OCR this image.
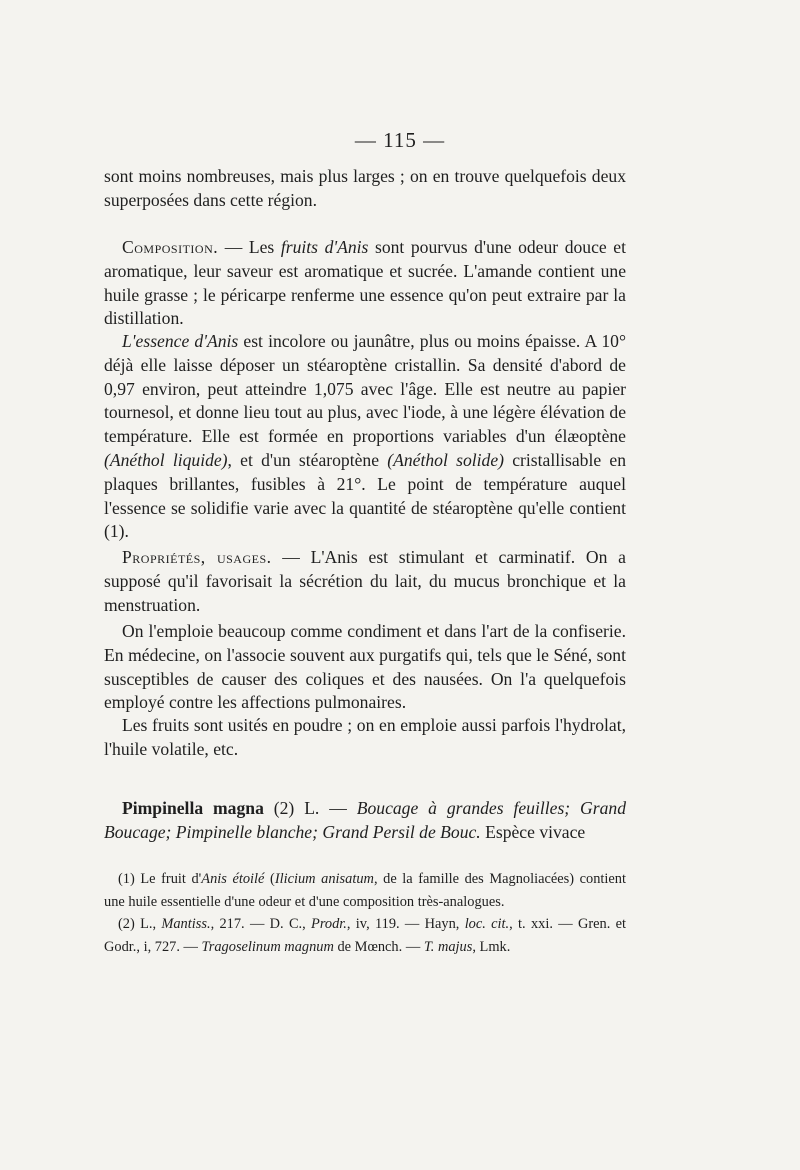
— 115 —

sont moins nombreuses, mais plus larges ; on en trouve quelquefois deux superposées dans cette région.

Composition. — Les fruits d'Anis sont pourvus d'une odeur douce et aromatique, leur saveur est aromatique et sucrée. L'amande contient une huile grasse ; le péricarpe renferme une essence qu'on peut extraire par la distillation.

L'essence d'Anis est incolore ou jaunâtre, plus ou moins épaisse. A 10° déjà elle laisse déposer un stéaroptène cristallin. Sa densité d'abord de 0,97 environ, peut atteindre 1,075 avec l'âge. Elle est neutre au papier tournesol, et donne lieu tout au plus, avec l'iode, à une légère élévation de température. Elle est formée en proportions variables d'un élæoptène (Anéthol liquide), et d'un stéaroptène (Anéthol solide) cristallisable en plaques brillantes, fusibles à 21°. Le point de température auquel l'essence se solidifie varie avec la quantité de stéaroptène qu'elle contient (1).

Propriétés, usages. — L'Anis est stimulant et carminatif. On a supposé qu'il favorisait la sécrétion du lait, du mucus bronchique et la menstruation.

On l'emploie beaucoup comme condiment et dans l'art de la confiserie. En médecine, on l'associe souvent aux purgatifs qui, tels que le Séné, sont susceptibles de causer des coliques et des nausées. On l'a quelquefois employé contre les affections pulmonaires.

Les fruits sont usités en poudre ; on en emploie aussi parfois l'hydrolat, l'huile volatile, etc.

Pimpinella magna (2) L. — Boucage à grandes feuilles; Grand Boucage; Pimpinelle blanche; Grand Persil de Bouc. Espèce vivace

(1) Le fruit d'Anis étoilé (Ilicium anisatum, de la famille des Magnoliacées) contient une huile essentielle d'une odeur et d'une composition très-analogues.

(2) L., Mantiss., 217. — D. C., Prodr., iv, 119. — Hayn, loc. cit., t. xxi. — Gren. et Godr., i, 727. — Tragoselinum magnum de Mœnch. — T. majus, Lmk.
